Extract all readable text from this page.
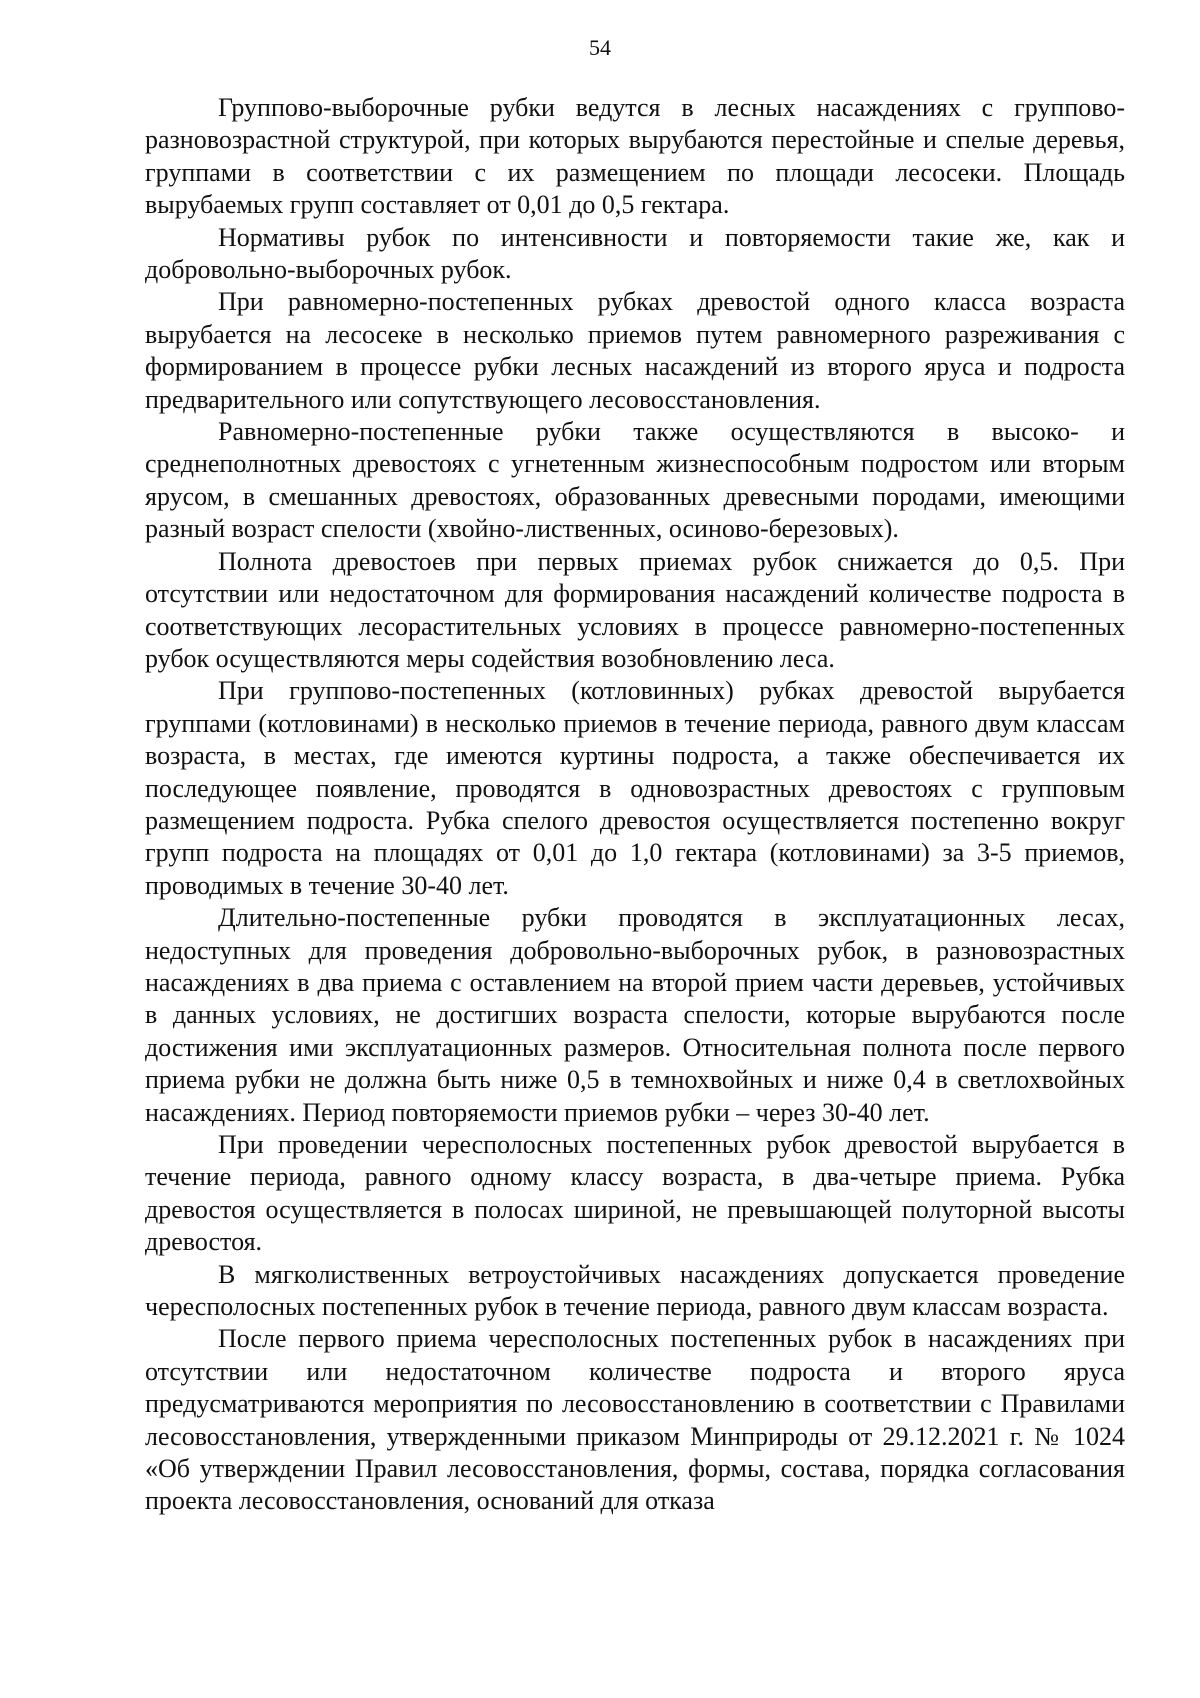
54

Группово-выборочные рубки ведутся в лесных насаждениях с группово-разновозрастной структурой, при которых вырубаются перестойные и спелые деревья, группами в соответствии с их размещением по площади лесосеки. Площадь вырубаемых групп составляет от 0,01 до 0,5 гектара.

Нормативы рубок по интенсивности и повторяемости такие же, как и добровольно-выборочных рубок.

При равномерно-постепенных рубках древостой одного класса возраста вырубается на лесосеке в несколько приемов путем равномерного разреживания с формированием в процессе рубки лесных насаждений из второго яруса и подроста предварительного или сопутствующего лесовосстановления.

Равномерно-постепенные рубки также осуществляются в высоко- и среднеполнотных древостоях с угнетенным жизнеспособным подростом или вторым ярусом, в смешанных древостоях, образованных древесными породами, имеющими разный возраст спелости (хвойно-лиственных, осиново-березовых).

Полнота древостоев при первых приемах рубок снижается до 0,5. При отсутствии или недостаточном для формирования насаждений количестве подроста в соответствующих лесорастительных условиях в процессе равномерно-постепенных рубок осуществляются меры содействия возобновлению леса.

При группово-постепенных (котловинных) рубках древостой вырубается группами (котловинами) в несколько приемов в течение периода, равного двум классам возраста, в местах, где имеются куртины подроста, а также обеспечивается их последующее появление, проводятся в одновозрастных древостоях с групповым размещением подроста. Рубка спелого древостоя осуществляется постепенно вокруг групп подроста на площадях от 0,01 до 1,0 гектара (котловинами) за 3-5 приемов, проводимых в течение 30-40 лет.

Длительно-постепенные рубки проводятся в эксплуатационных лесах, недоступных для проведения добровольно-выборочных рубок, в разновозрастных насаждениях в два приема с оставлением на второй прием части деревьев, устойчивых в данных условиях, не достигших возраста спелости, которые вырубаются после достижения ими эксплуатационных размеров. Относительная полнота после первого приема рубки не должна быть ниже 0,5 в темнохвойных и ниже 0,4 в светлохвойных насаждениях. Период повторяемости приемов рубки – через 30-40 лет.

При проведении чересполосных постепенных рубок древостой вырубается в течение периода, равного одному классу возраста, в два-четыре приема. Рубка древостоя осуществляется в полосах шириной, не превышающей полуторной высоты древостоя.

В мягколиственных ветроустойчивых насаждениях допускается проведение чересполосных постепенных рубок в течение периода, равного двум классам возраста.

После первого приема чересполосных постепенных рубок в насаждениях при отсутствии или недостаточном количестве подроста и второго яруса предусматриваются мероприятия по лесовосстановлению в соответствии с Правилами лесовосстановления, утвержденными приказом Минприроды от 29.12.2021 г. № 1024 «Об утверждении Правил лесовосстановления, формы, состава, порядка согласования проекта лесовосстановления, оснований для отказа
